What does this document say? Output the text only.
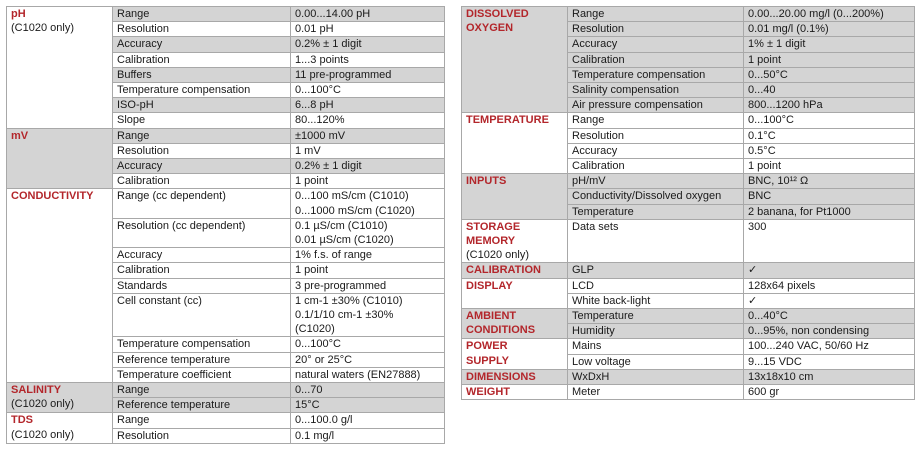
pH
(C1020 only)	Range	0.00...14.00 pH

	Resolution	0.01 pH

	Accuracy	0.2% ± 1 digit

	Calibration	1...3 points

	Buffers	11 pre-programmed

	Temperature compensation	0...100°C

	ISO-pH	6...8 pH

	Slope	80...120%

mV	Range	±1000 mV

	Resolution	1 mV

	Accuracy	0.2% ± 1 digit

	Calibration	1 point

CONDUCTIVITY	Range (cc dependent)	0...100 mS/cm (C1010)
0...1000 mS/cm (C1020)

	Resolution (cc dependent)	0.1 µS/cm (C1010)
0.01 µS/cm (C1020)

	Accuracy	1% f.s. of range

	Calibration	1 point

	Standards	3 pre-programmed

	Cell constant (cc)	1 cm-1 ±30% (C1010)
0.1/1/10 cm-1 ±30%
(C1020)

	Temperature compensation	0...100°C

	Reference temperature	20° or 25°C

	Temperature coefficient	natural waters (EN27888)

SALINITY
(C1020 only)	Range	0...70

	Reference temperature	15°C

TDS
(C1020 only)	Range	0...100.0 g/l

	Resolution	0.1 mg/l
DISSOLVED OXYGEN	Range	0.00...20.00 mg/l (0...200%)

	Resolution	0.01 mg/l (0.1%)

	Accuracy	1% ± 1 digit

	Calibration	1 point

	Temperature compensation	0...50°C

	Salinity compensation	0...40

	Air pressure compensation	800...1200 hPa

TEMPERATURE	Range	0...100°C

	Resolution	0.1°C

	Accuracy	0.5°C

	Calibration	1 point

INPUTS	pH/mV	BNC, 10¹² Ω

	Conductivity/Dissolved oxygen	BNC

	Temperature	2 banana, for Pt1000

STORAGE MEMORY
(C1020 only)	Data sets	300

CALIBRATION	GLP	✓

DISPLAY	LCD	128x64 pixels

	White back-light	✓

AMBIENT CONDITIONS	Temperature	0...40°C

	Humidity	0...95%, non condensing

POWER SUPPLY	Mains	100...240 VAC, 50/60 Hz

	Low voltage	9...15 VDC

DIMENSIONS	WxDxH	13x18x10 cm

WEIGHT	Meter	600 gr
